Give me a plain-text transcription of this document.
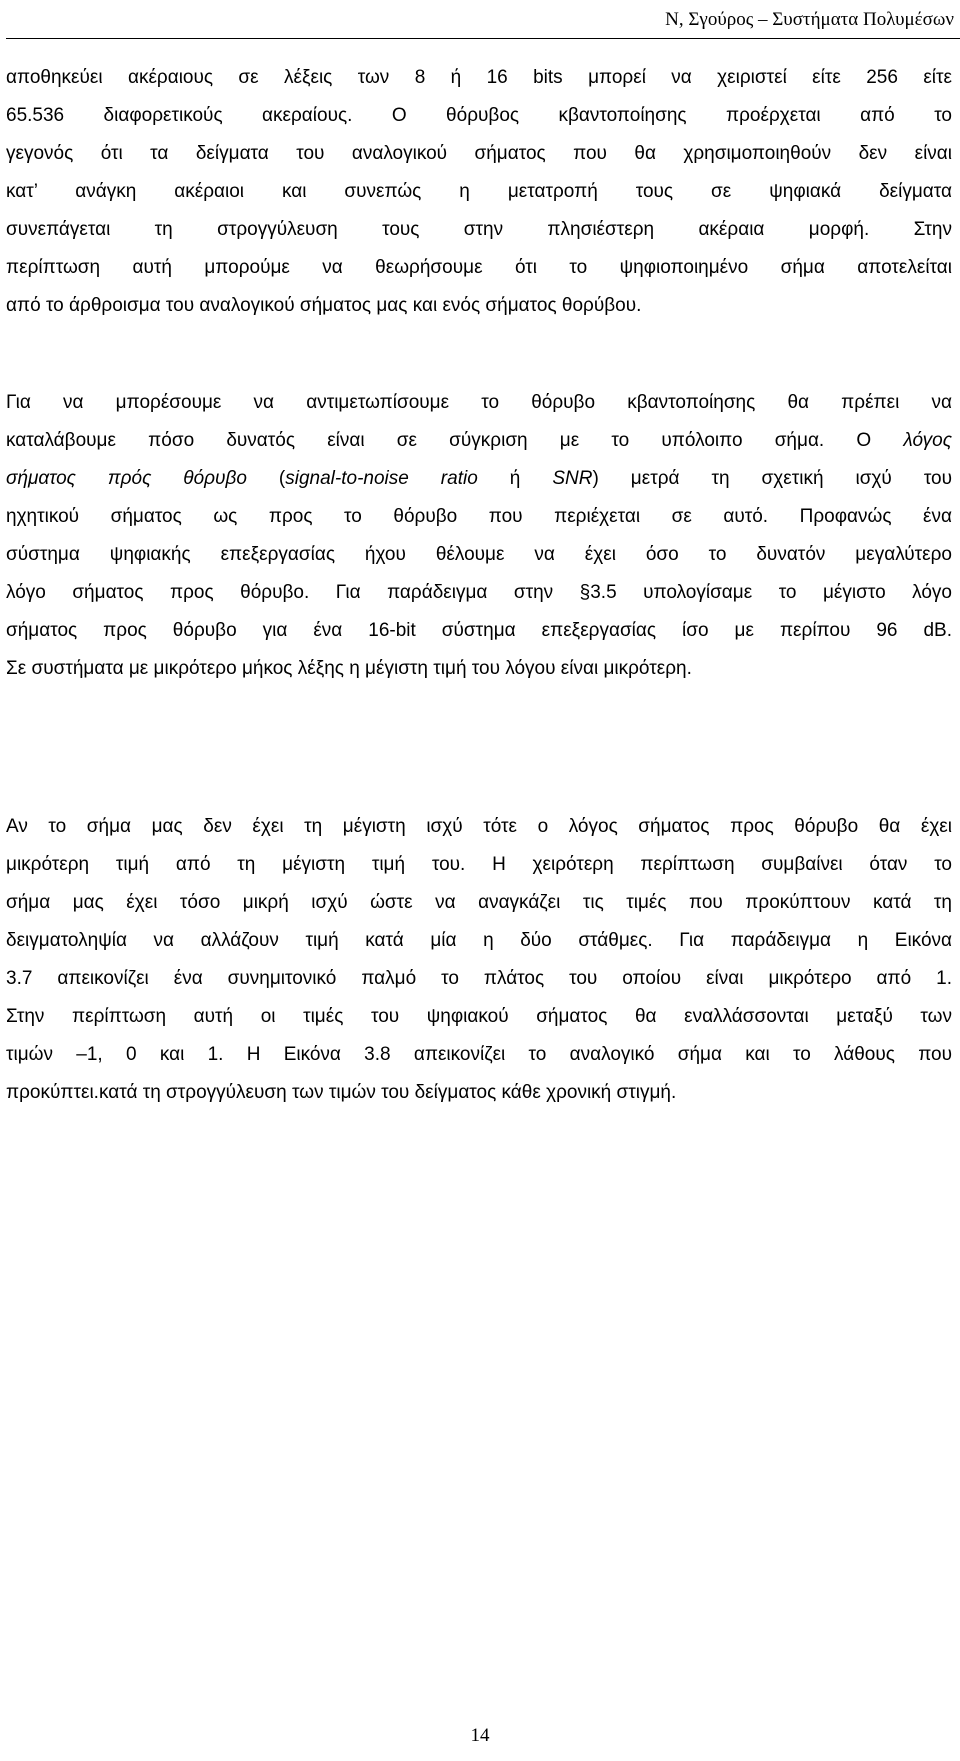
Ν, Σγούρος – Συστήματα Πολυμέσων
αποθηκεύει ακέραιους σε λέξεις των 8 ή 16 bits μπορεί να χειριστεί είτε 256 είτε
65.536 διαφορετικούς ακεραίους. Ο θόρυβος κβαντοποίησης προέρχεται από το
γεγονός ότι τα δείγματα του αναλογικού σήματος που θα χρησιμοποιηθούν δεν είναι
κατ’ ανάγκη ακέραιοι και συνεπώς η μετατροπή τους σε ψηφιακά δείγματα
συνεπάγεται τη στρογγύλευση τους στην πλησιέστερη ακέραια μορφή. Στην
περίπτωση αυτή μπορούμε να θεωρήσουμε ότι το ψηφιοποιημένο σήμα αποτελείται
από το άρθροισμα του αναλογικού σήματος μας και ενός σήματος θορύβου.
Για να μπορέσουμε να αντιμετωπίσουμε το θόρυβο κβαντοποίησης θα πρέπει να
καταλάβουμε πόσο δυνατός είναι σε σύγκριση με το υπόλοιπο σήμα. Ο λόγος
σήματος πρός θόρυβο (signal-to-noise ratio ή SNR) μετρά τη σχετική ισχύ του
ηχητικού σήματος ως προς το θόρυβο που περιέχεται σε αυτό. Προφανώς ένα
σύστημα ψηφιακής επεξεργασίας ήχου θέλουμε να έχει όσο το δυνατόν μεγαλύτερο
λόγο σήματος προς θόρυβο. Για παράδειγμα στην §3.5 υπολογίσαμε το μέγιστο λόγο
σήματος προς θόρυβο για ένα 16-bit σύστημα επεξεργασίας ίσο με περίπου 96 dB.
Σε συστήματα με μικρότερο μήκος λέξης η μέγιστη τιμή του λόγου είναι μικρότερη.
Αν το σήμα μας δεν έχει τη μέγιστη ισχύ τότε ο λόγος σήματος προς θόρυβο θα έχει
μικρότερη τιμή από τη μέγιστη τιμή του. Η χειρότερη περίπτωση συμβαίνει όταν το
σήμα μας έχει τόσο μικρή ισχύ ώστε να αναγκάζει τις τιμές που προκύπτουν κατά τη
δειγματοληψία να αλλάζουν τιμή κατά μία η δύο στάθμες. Για παράδειγμα η Εικόνα
3.7 απεικονίζει ένα συνημιτονικό παλμό το πλάτος του οποίου είναι μικρότερο από 1.
Στην περίπτωση αυτή οι τιμές του ψηφιακού σήματος θα εναλλάσσονται μεταξύ των
τιμών –1, 0 και 1. Η Εικόνα 3.8 απεικονίζει το αναλογικό σήμα και το λάθους που
προκύπτει.κατά τη στρογγύλευση των τιμών του δείγματος κάθε χρονική στιγμή.
14
